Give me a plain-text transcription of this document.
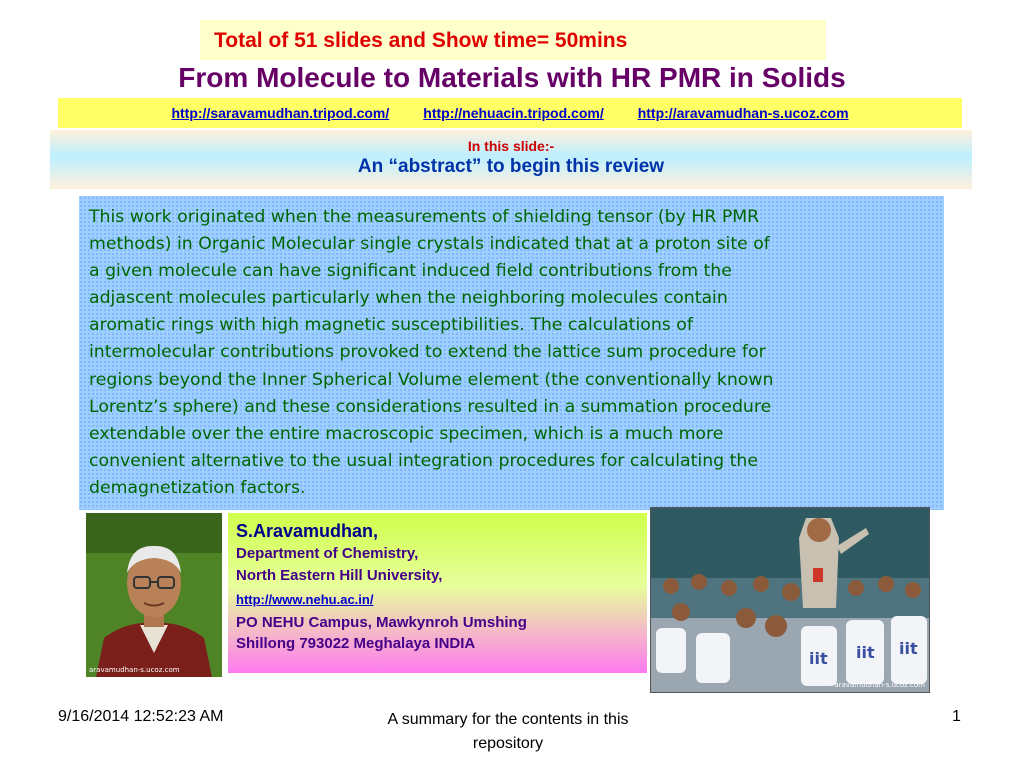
Total of 51 slides and Show time= 50mins
From Molecule to Materials with HR PMR in Solids
http://saravamudhan.tripod.com/ http://nehuacin.tripod.com/ http://aravamudhan-s.ucoz.com
In this slide:-
An “abstract” to begin this review
This work originated when the measurements of shielding tensor (by HR PMR
methods) in Organic Molecular single crystals indicated that at a proton site of
a given molecule can have significant induced field contributions from the
adjascent molecules particularly when the neighboring molecules contain
aromatic rings with high magnetic susceptibilities. The calculations of
intermolecular contributions provoked to extend the lattice sum procedure for
regions beyond the Inner Spherical Volume element (the conventionally known
Lorentz’s sphere) and these considerations resulted in a summation procedure
extendable over the entire macroscopic specimen, which is a much more
convenient alternative to the usual integration procedures for calculating the
demagnetization factors.
aravamudhan-s.ucoz.com
S.Aravamudhan,
Department of Chemistry,
North Eastern Hill University,
http://www.nehu.ac.in/
PO NEHU Campus, Mawkynroh Umshing
Shillong 793022 Meghalaya INDIA	iit iit
iit
aravamudhan-s.ucoz.com
9/16/2014 12:52:23 AM	A summary for the contents in this repository
1
